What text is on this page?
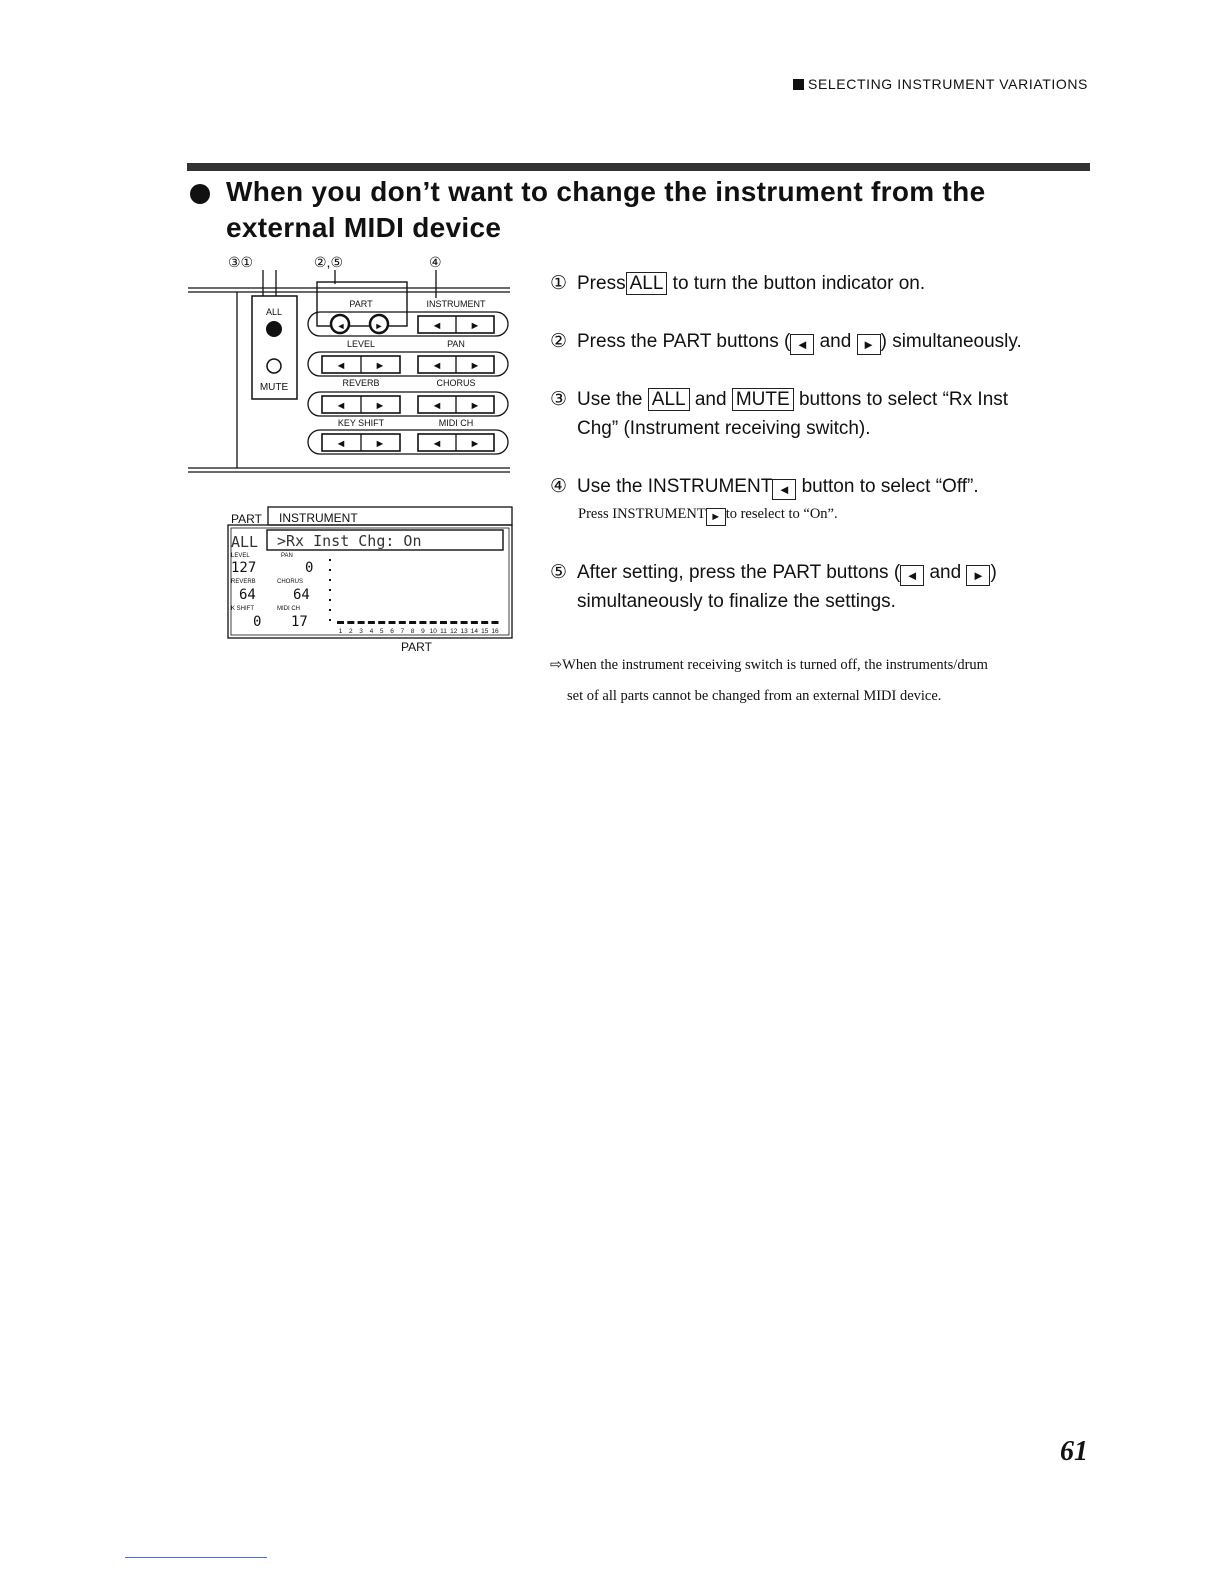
SELECTING INSTRUMENT VARIATIONS
When you don’t want to change the instrument from the
external MIDI device
③①	②,⑤	④
ALL
MUTE
PART	INSTRUMENT
LEVEL	PAN
REVERB	CHORUS
KEY SHIFT	MIDI CH
◄	►	◄ ►
◄	►	◄ ►
◄	►	◄ ►
◄	►	◄ ►
PART INSTRUMENT
ALL >Rx Inst Chg: On
LEVEL	PAN
127	0
REVERB	CHORUS
64	64
K SHIFT	MIDI CH
0 17
PART
1 2 3 4 5 6 7 8 9 10 11 12 13 14 15 16
① Press ALL to turn the button indicator on.
② Press the PART buttons ( ◄ and ► ) simultaneously.
③ Use the ALL and MUTE buttons to select “Rx Inst
Chg” (Instrument receiving switch).
④ Use the INSTRUMENT ◄ button to select “Off”.
Press INSTRUMENT ► to reselect to “On”.
⑤ After setting, press the PART buttons ( ◄ and ► )
simultaneously to finalize the settings.
⇨When the instrument receiving switch is turned off, the instruments/drum
set of all parts cannot be changed from an external MIDI device.
61
